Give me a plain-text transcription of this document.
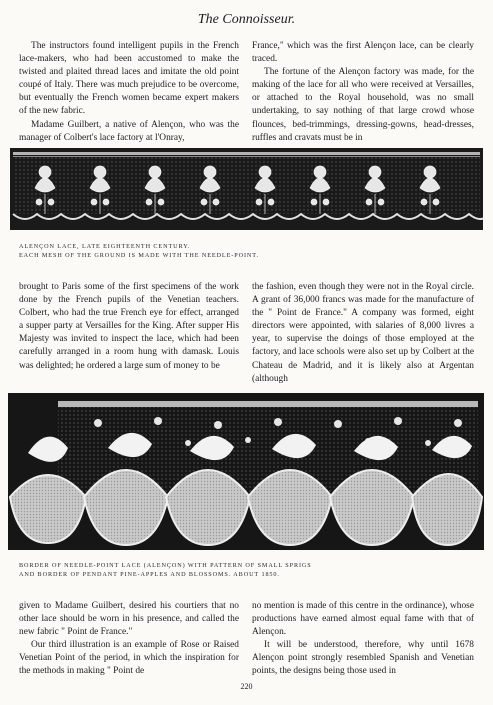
The Connoisseur.

The instructors found intelligent pupils in the French lace-makers, who had been accustomed to make the twisted and plaited thread laces and imitate the old point coupé of Italy. There was much prejudice to be overcome, but eventually the French women became expert makers of the new fabric.

Madame Guilbert, a native of Alençon, who was the manager of Colbert's lace factory at l'Onray,

France," which was the first Alençon lace, can be clearly traced.

The fortune of the Alençon factory was made, for the making of the lace for all who were received at Versailles, or attached to the Royal household, was no small undertaking, to say nothing of that large crowd whose flounces, bed-trimmings, dressing-gowns, head-dresses, ruffles and cravats must be in

ALENÇON LACE, LATE EIGHTEENTH CENTURY.
EACH MESH OF THE GROUND IS MADE WITH THE NEEDLE-POINT.

brought to Paris some of the first specimens of the work done by the French pupils of the Venetian teachers. Colbert, who had the true French eye for effect, arranged a supper party at Versailles for the King. After supper His Majesty was invited to inspect the lace, which had been carefully arranged in a room hung with damask. Louis was delighted; he ordered a large sum of money to be

the fashion, even though they were not in the Royal circle. A grant of 36,000 francs was made for the manufacture of the " Point de France." A company was formed, eight directors were appointed, with salaries of 8,000 livres a year, to supervise the doings of those employed at the factory, and lace schools were also set up by Colbert at the Chateau de Madrid, and it is likely also at Argentan (although

BORDER OF NEEDLE-POINT LACE (ALENÇON) WITH PATTERN OF SMALL SPRIGS
AND BORDER OF PENDANT PINE-APPLES AND BLOSSOMS. ABOUT 1850.

given to Madame Guilbert, desired his courtiers that no other lace should be worn in his presence, and called the new fabric " Point de France."

Our third illustration is an example of Rose or Raised Venetian Point of the period, in which the inspiration for the methods in making " Point de

no mention is made of this centre in the ordinance), whose productions have earned almost equal fame with that of Alençon.

It will be understood, therefore, why until 1678 Alençon point strongly resembled Spanish and Venetian points, the designs being those used in

220
